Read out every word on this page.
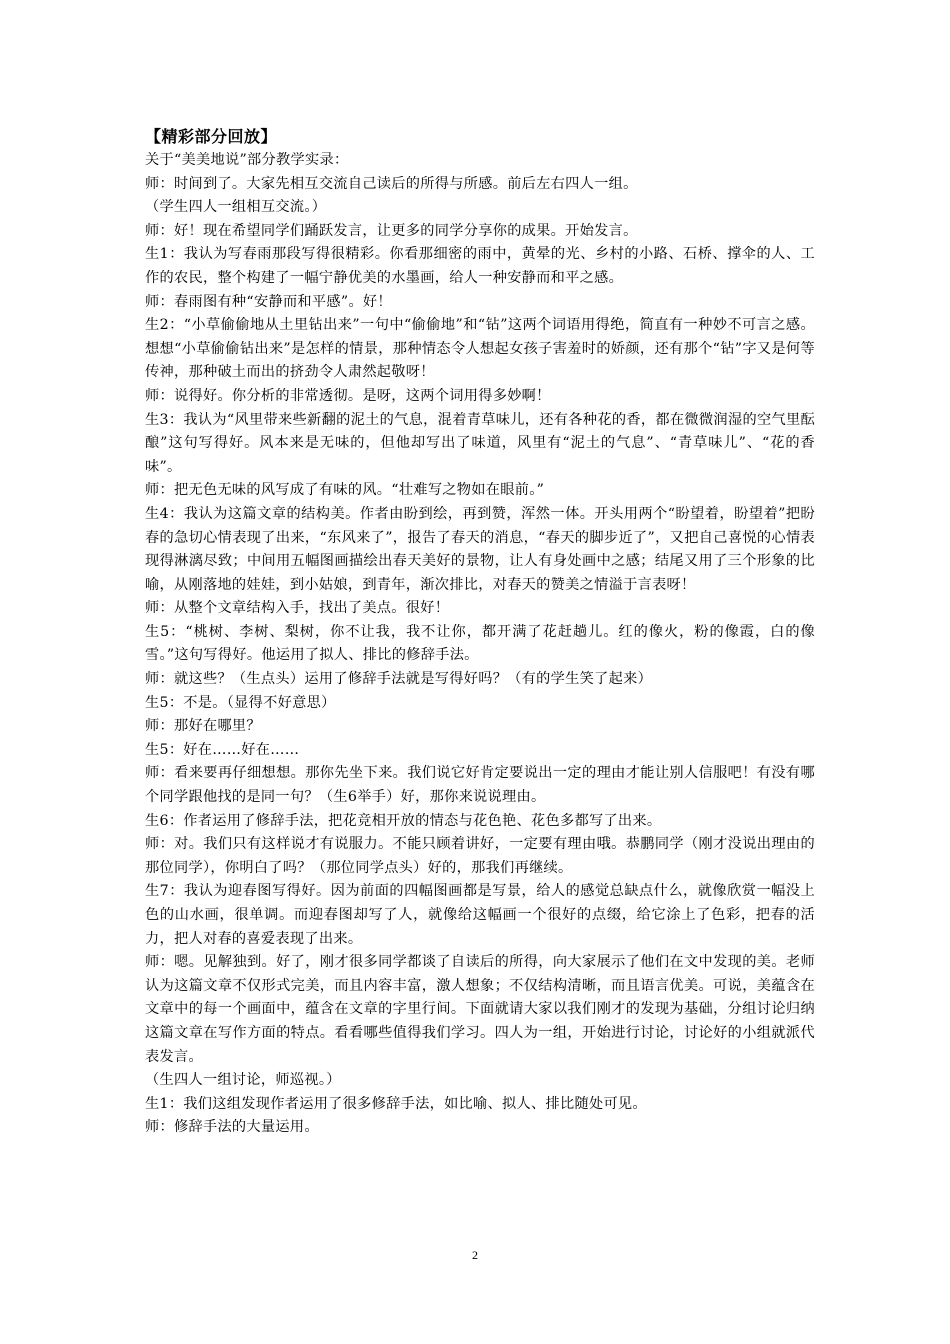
【精彩部分回放】

关于“美美地说”部分教学实录：

师：时间到了。大家先相互交流自己读后的所得与所感。前后左右四人一组。

（学生四人一组相互交流。）

师：好！现在希望同学们踊跃发言，让更多的同学分享你的成果。开始发言。

生1：我认为写春雨那段写得很精彩。你看那细密的雨中，黄晕的光、乡村的小路、石桥、撑伞的人、工作的农民，整个构建了一幅宁静优美的水墨画，给人一种安静而和平之感。

师：春雨图有种“安静而和平感”。好！

生2：“小草偷偷地从土里钻出来”一句中“偷偷地”和“钻”这两个词语用得绝，简直有一种妙不可言之感。想想“小草偷偷钻出来”是怎样的情景，那种情态令人想起女孩子害羞时的娇颜，还有那个“钻”字又是何等传神，那种破土而出的挤劲令人肃然起敬呀！

师：说得好。你分析的非常透彻。是呀，这两个词用得多妙啊！

生3：我认为“风里带来些新翻的泥土的气息，混着青草味儿，还有各种花的香，都在微微润湿的空气里酝酿”这句写得好。风本来是无味的，但他却写出了味道，风里有“泥土的气息”、“青草味儿”、“花的香味”。

师：把无色无味的风写成了有味的风。“壮难写之物如在眼前。”

生4：我认为这篇文章的结构美。作者由盼到绘，再到赞，浑然一体。开头用两个“盼望着，盼望着”把盼春的急切心情表现了出来，“东风来了”，报告了春天的消息，“春天的脚步近了”，又把自己喜悦的心情表现得淋漓尽致；中间用五幅图画描绘出春天美好的景物，让人有身处画中之感；结尾又用了三个形象的比喻，从刚落地的娃娃，到小姑娘，到青年，渐次排比，对春天的赞美之情溢于言表呀！

师：从整个文章结构入手，找出了美点。很好！

生5：“桃树、李树、梨树，你不让我，我不让你，都开满了花赶趟儿。红的像火，粉的像霞，白的像雪。”这句写得好。他运用了拟人、排比的修辞手法。

师：就这些？（生点头）运用了修辞手法就是写得好吗？（有的学生笑了起来）

生5：不是。（显得不好意思）

师：那好在哪里？

生5：好在……好在……

师：看来要再仔细想想。那你先坐下来。我们说它好肯定要说出一定的理由才能让别人信服吧！有没有哪个同学跟他找的是同一句？（生6举手）好，那你来说说理由。

生6：作者运用了修辞手法，把花竞相开放的情态与花色艳、花色多都写了出来。

师：对。我们只有这样说才有说服力。不能只顾着讲好，一定要有理由哦。恭鹏同学（刚才没说出理由的那位同学），你明白了吗？（那位同学点头）好的，那我们再继续。

生7：我认为迎春图写得好。因为前面的四幅图画都是写景，给人的感觉总缺点什么，就像欣赏一幅没上色的山水画，很单调。而迎春图却写了人，就像给这幅画一个很好的点缀，给它涂上了色彩，把春的活力，把人对春的喜爱表现了出来。

师：嗯。见解独到。好了，刚才很多同学都谈了自读后的所得，向大家展示了他们在文中发现的美。老师认为这篇文章不仅形式完美，而且内容丰富，激人想象；不仅结构清晰，而且语言优美。可说，美蕴含在文章中的每一个画面中，蕴含在文章的字里行间。下面就请大家以我们刚才的发现为基础，分组讨论归纳这篇文章在写作方面的特点。看看哪些值得我们学习。四人为一组，开始进行讨论，讨论好的小组就派代表发言。

（生四人一组讨论，师巡视。）

生1：我们这组发现作者运用了很多修辞手法，如比喻、拟人、排比随处可见。

师：修辞手法的大量运用。

2
